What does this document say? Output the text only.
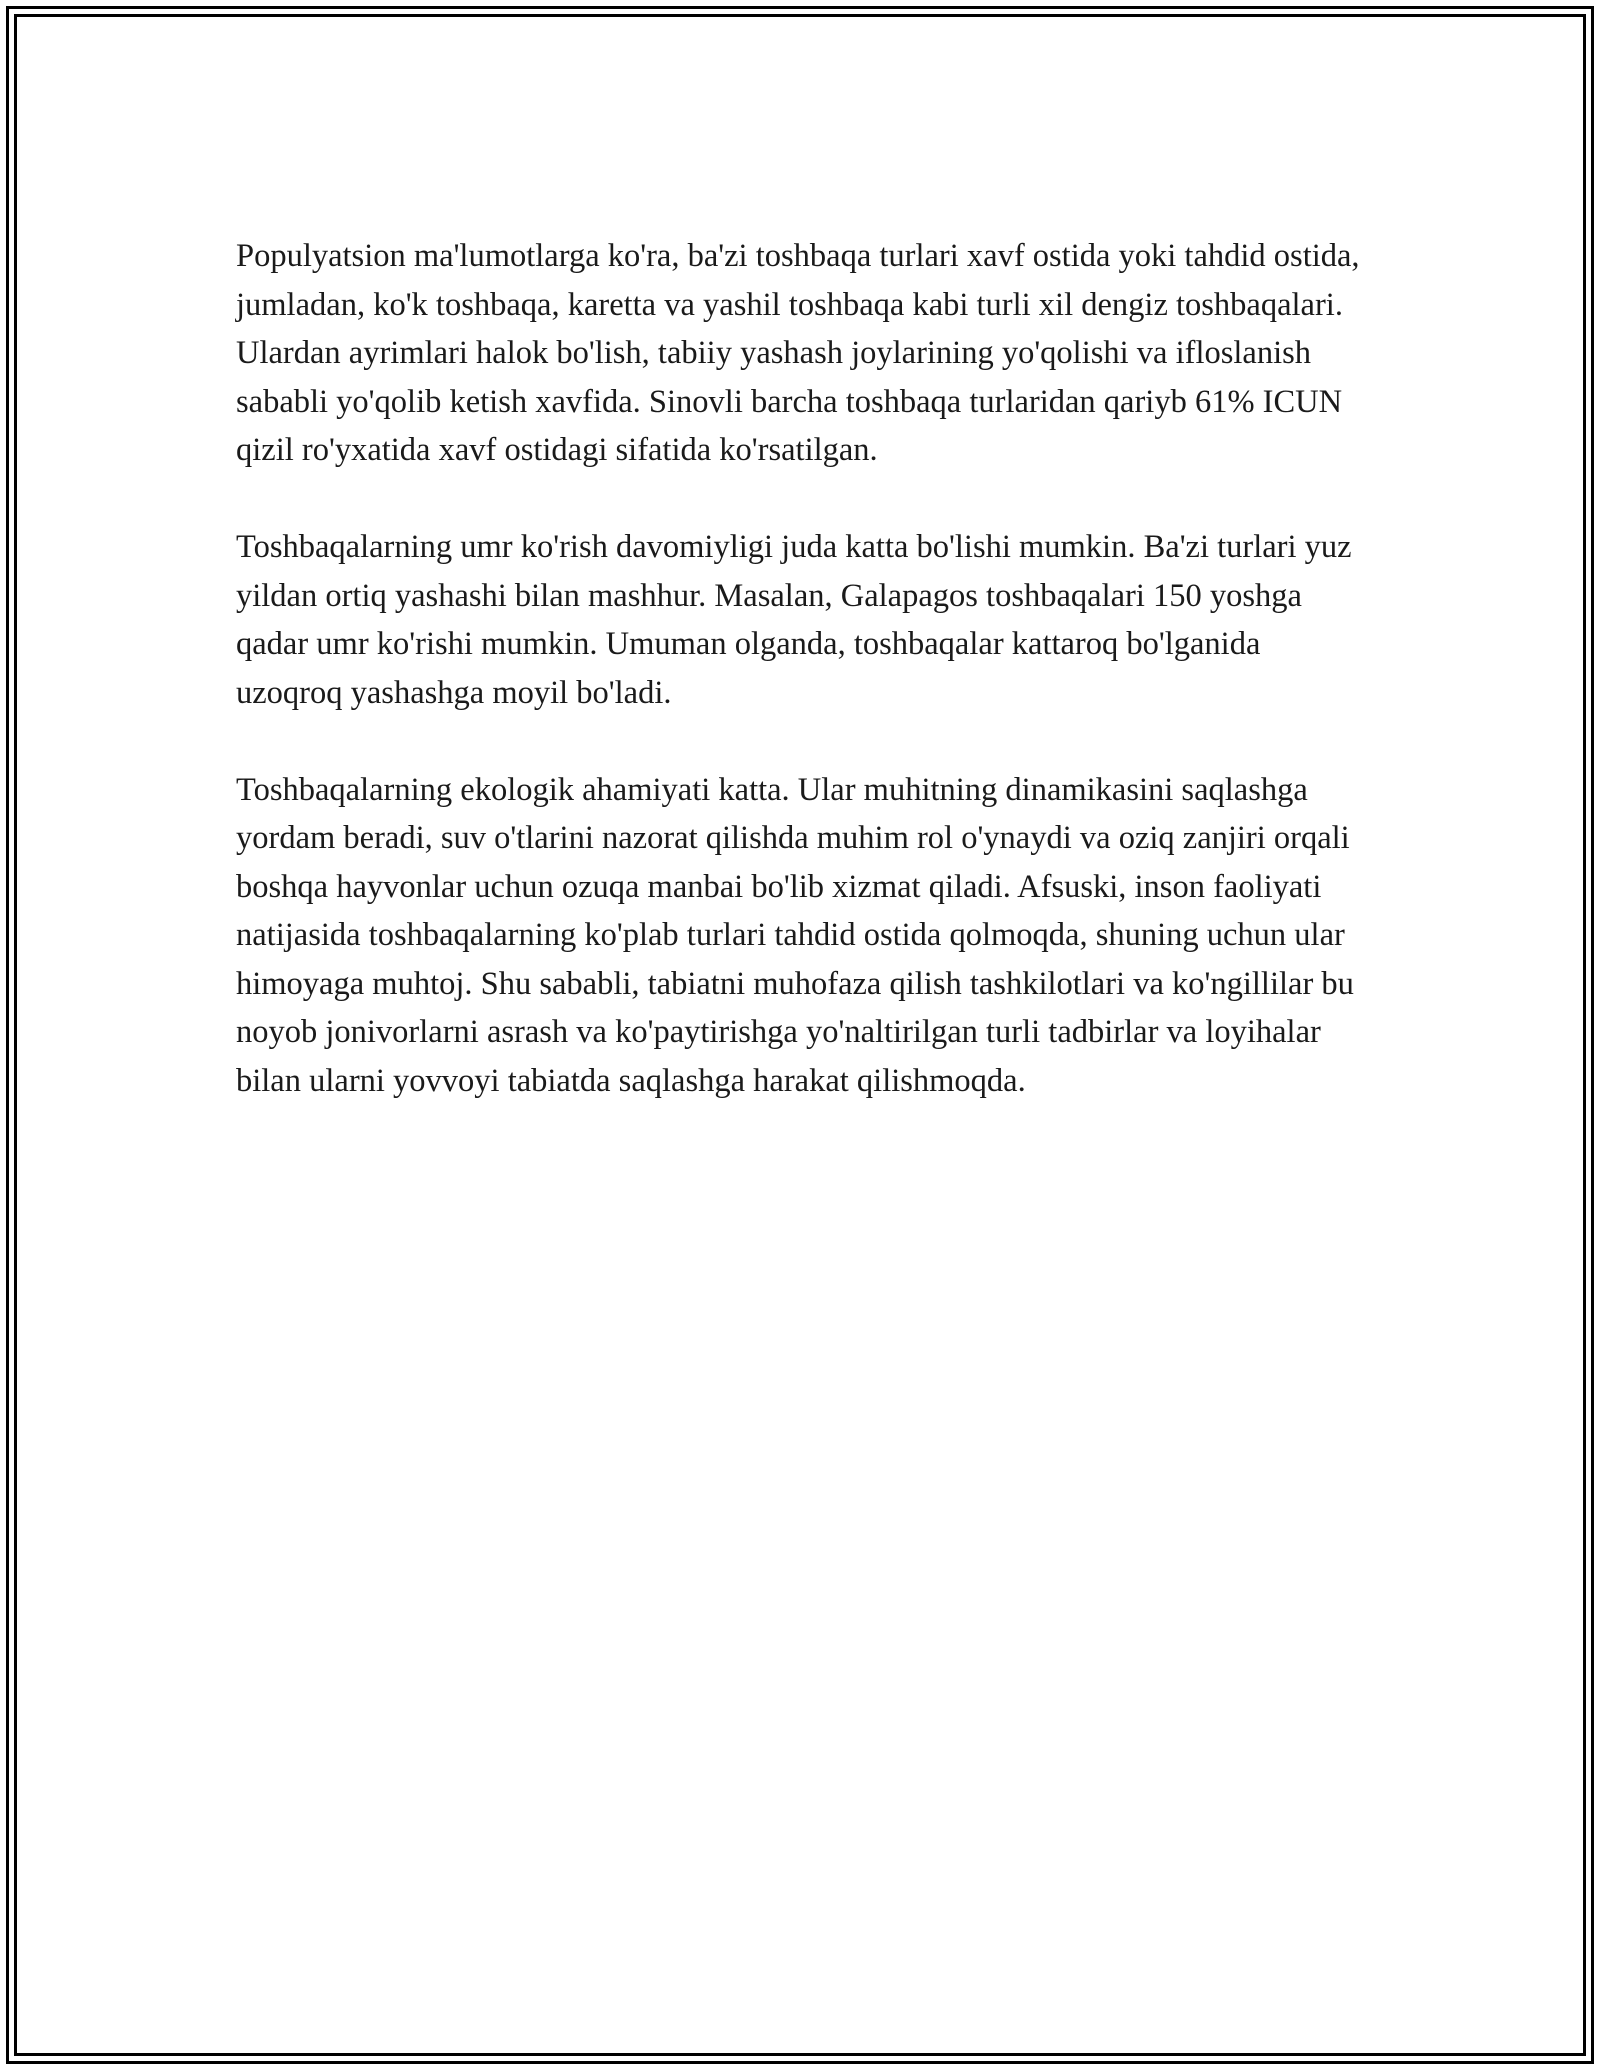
Populyatsion ma'lumotlarga ko'ra, ba'zi toshbaqa turlari xavf ostida yoki tahdid ostida, jumladan, ko'k toshbaqa, karetta va yashil toshbaqa kabi turli xil dengiz toshbaqalari. Ulardan ayrimlari halok bo'lish, tabiiy yashash joylarining yo'qolishi va ifloslanish sababli yo'qolib ketish xavfida. Sinovli barcha toshbaqa turlaridan qariyb 61% ICUN qizil ro'yxatida xavf ostidagi sifatida ko'rsatilgan.

Toshbaqalarning umr ko'rish davomiyligi juda katta bo'lishi mumkin. Ba'zi turlari yuz yildan ortiq yashashi bilan mashhur. Masalan, Galapagos toshbaqalari 150 yoshga qadar umr ko'rishi mumkin. Umuman olganda, toshbaqalar kattaroq bo'lganida uzoqroq yashashga moyil bo'ladi.

Toshbaqalarning ekologik ahamiyati katta. Ular muhitning dinamikasini saqlashga yordam beradi, suv o'tlarini nazorat qilishda muhim rol o'ynaydi va oziq zanjiri orqali boshqa hayvonlar uchun ozuqa manbai bo'lib xizmat qiladi. Afsuski, inson faoliyati natijasida toshbaqalarning ko'plab turlari tahdid ostida qolmoqda, shuning uchun ular himoyaga muhtoj. Shu sababli, tabiatni muhofaza qilish tashkilotlari va ko'ngillilar bu noyob jonivorlarni asrash va ko'paytirishga yo'naltirilgan turli tadbirlar va loyihalar bilan ularni yovvoyi tabiatda saqlashga harakat qilishmoqda.
